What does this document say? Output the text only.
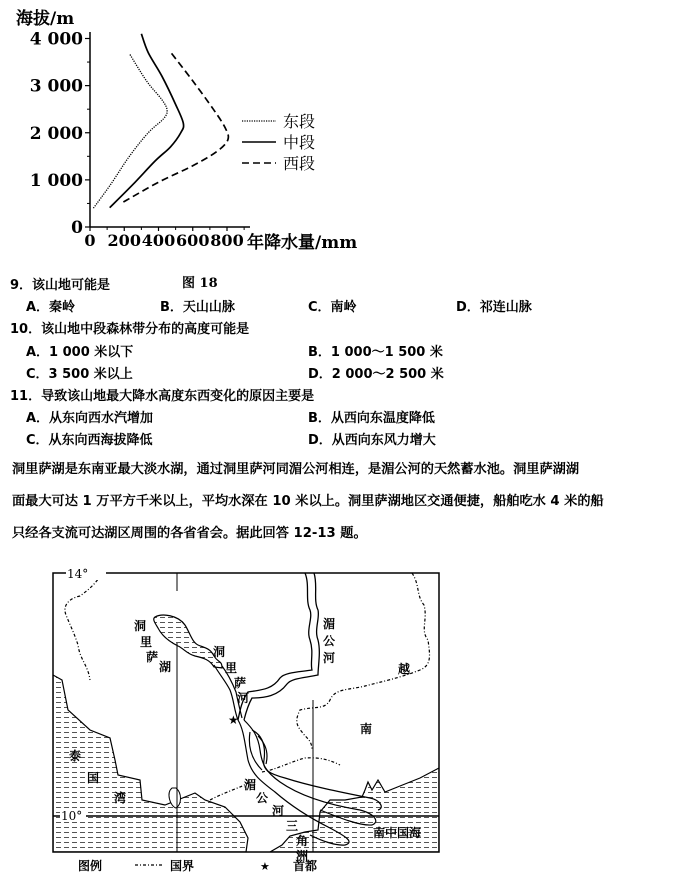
海拔/m
0
1 000
2 000
3 000
4 000
0 200 400 600 800 年降水量/mm
东段
中段
西段
图 18
9．该山地可能是
A．秦岭	B．天山山脉	C．南岭	D．祁连山脉
10．该山地中段森林带分布的高度可能是
A．1 000 米以下	B．1 000～1 500 米
C．3 500 米以上	D．2 000～2 500 米
11．导致该山地最大降水高度东西变化的原因主要是
A．从东向西水汽增加	B．从西向东温度降低
C．从东向西海拔降低	D．从西向东风力增大
洞里萨湖是东南亚最大淡水湖，通过洞里萨河同湄公河相连，是湄公河的天然蓄水池。洞里萨湖湖
面最大可达 1 万平方千米以上，平均水深在 10 米以上。洞里萨湖地区交通便捷，船舶吃水 4 米的船
只经各支流可达湖区周围的各省省会。据此回答 12-13 题。
14°
10°
★
洞
里
萨
湖
洞
里
萨
河
湄
公
河
湄
公
河
三
角
洲
越
南
泰
国
湾
南中国海
图例	国界	★ 首都
